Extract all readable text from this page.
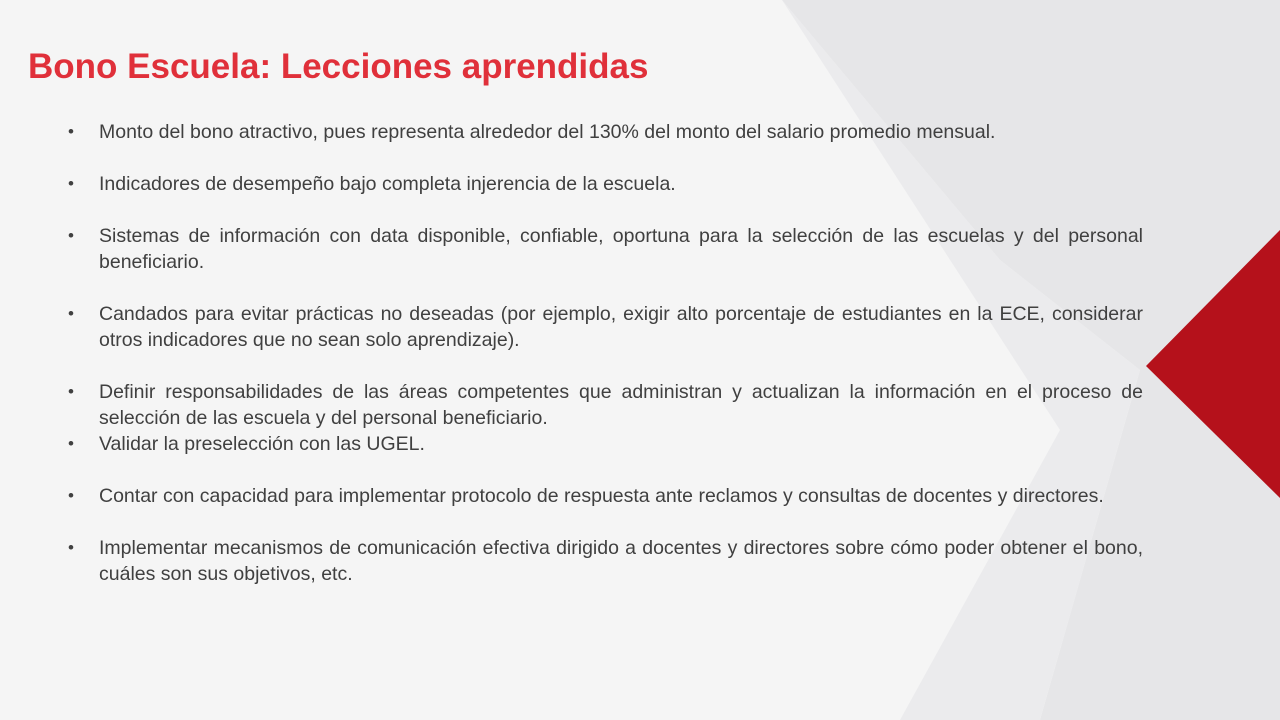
Bono Escuela: Lecciones aprendidas
• Monto del bono atractivo, pues representa alrededor del 130% del monto del salario promedio mensual.
• Indicadores de desempeño bajo completa injerencia de la escuela.
• Sistemas de información con data disponible, confiable, oportuna para la selección de las escuelas y del personal beneficiario.
• Candados para evitar prácticas no deseadas (por ejemplo, exigir alto porcentaje de estudiantes en la ECE, considerar otros indicadores que no sean solo aprendizaje).
• Definir responsabilidades de las áreas competentes que administran y actualizan la información en el proceso de selección de las escuela y del personal beneficiario.
• Validar la preselección con las UGEL.
• Contar con capacidad para implementar protocolo de respuesta ante reclamos y consultas de docentes y directores.
• Implementar mecanismos de comunicación efectiva dirigido a docentes y directores sobre cómo poder obtener el bono, cuáles son sus objetivos, etc.
